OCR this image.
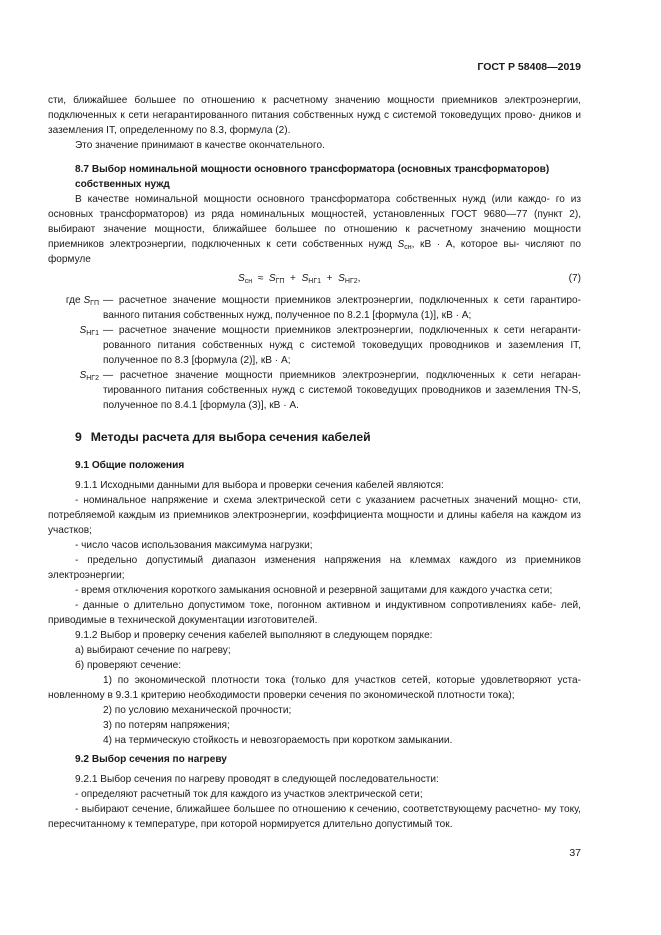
ГОСТ Р 58408—2019

сти, ближайшее большее по отношению к расчетному значению мощности приемников электроэнергии, подключенных к сети негарантированного питания собственных нужд с системой токоведущих прово- дников и заземления IT, определенному по 8.3, формула (2).

Это значение принимают в качестве окончательного.

8.7 Выбор номинальной мощности основного трансформатора (основных трансформаторов) собственных нужд

В качестве номинальной мощности основного трансформатора собственных нужд (или каждо- го из основных трансформаторов) из ряда номинальных мощностей, установленных ГОСТ 9680—77 (пункт 2), выбирают значение мощности, ближайшее большее по отношению к расчетному значению мощности приемников электроэнергии, подключенных к сети собственных нужд $S_{сн}$, кВ · А, которое вы- числяют по формуле

$S_{сн} \approx S_{ГП} + S_{НГ1} + S_{НГ2}$,	(7)
где $S_{ГП}$ — расчетное значение мощности приемников электроэнергии, подключенных к сети гарантиро- ванного питания собственных нужд, полученное по 8.2.1 [формула (1)], кВ · А;
$S_{НГ1}$ — расчетное значение мощности приемников электроэнергии, подключенных к сети негаранти- рованного питания собственных нужд с системой токоведущих проводников и заземления IT, полученное по 8.3 [формула (2)], кВ · А;
$S_{НГ2}$ — расчетное значение мощности приемников электроэнергии, подключенных к сети негаран- тированного питания собственных нужд с системой токоведущих проводников и заземления TN-S, полученное по 8.4.1 [формула (3)], кВ · А.

9 Методы расчета для выбора сечения кабелей

9.1 Общие положения

9.1.1 Исходными данными для выбора и проверки сечения кабелей являются:

- номинальное напряжение и схема электрической сети с указанием расчетных значений мощно- сти, потребляемой каждым из приемников электроэнергии, коэффициента мощности и длины кабеля на каждом из участков;

- число часов использования максимума нагрузки;

- предельно допустимый диапазон изменения напряжения на клеммах каждого из приемников электроэнергии;

- время отключения короткого замыкания основной и резервной защитами для каждого участка сети;

- данные о длительно допустимом токе, погонном активном и индуктивном сопротивлениях кабе- лей, приводимые в технической документации изготовителей.

9.1.2 Выбор и проверку сечения кабелей выполняют в следующем порядке:

а) выбирают сечение по нагреву;

б) проверяют сечение:

1) по экономической плотности тока (только для участков сетей, которые удовлетворяют уста- новленному в 9.3.1 критерию необходимости проверки сечения по экономической плотности тока);

2) по условию механической прочности;

3) по потерям напряжения;

4) на термическую стойкость и невозгораемость при коротком замыкании.

9.2 Выбор сечения по нагреву

9.2.1 Выбор сечения по нагреву проводят в следующей последовательности:

- определяют расчетный ток для каждого из участков электрической сети;

- выбирают сечение, ближайшее большее по отношению к сечению, соответствующему расчетно- му току, пересчитанному к температуре, при которой нормируется длительно допустимый ток.

37
